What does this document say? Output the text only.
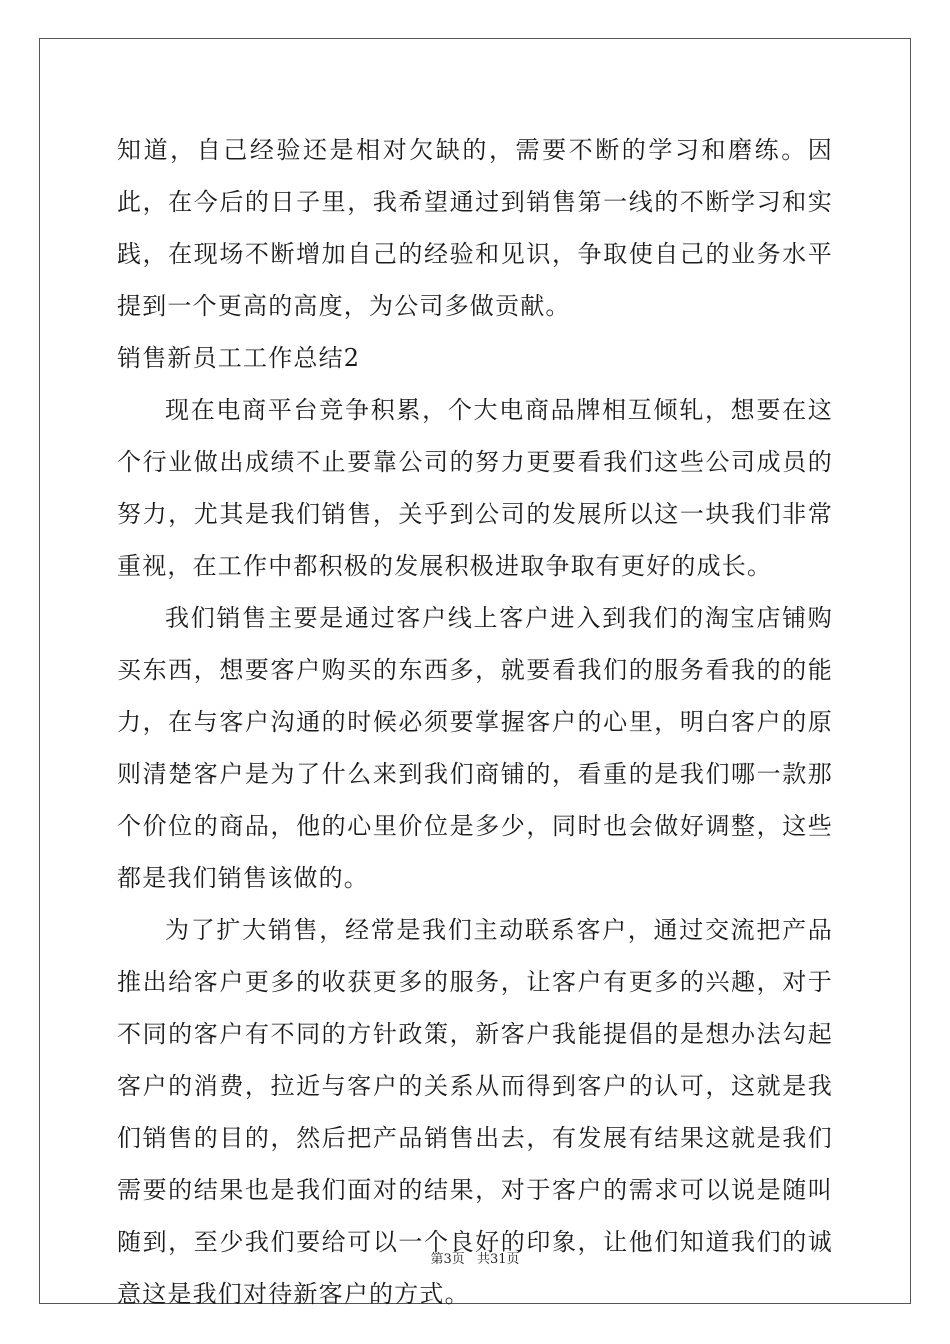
知道，自己经验还是相对欠缺的，需要不断的学习和磨练。因此，在今后的日子里，我希望通过到销售第一线的不断学习和实践，在现场不断增加自己的经验和见识，争取使自己的业务水平提到一个更高的高度，为公司多做贡献。

销售新员工工作总结2

现在电商平台竞争积累，个大电商品牌相互倾轧，想要在这个行业做出成绩不止要靠公司的努力更要看我们这些公司成员的努力，尤其是我们销售，关乎到公司的发展所以这一块我们非常重视，在工作中都积极的发展积极进取争取有更好的成长。

我们销售主要是通过客户线上客户进入到我们的淘宝店铺购买东西，想要客户购买的东西多，就要看我们的服务看我的的能力，在与客户沟通的时候必须要掌握客户的心里，明白客户的原则清楚客户是为了什么来到我们商铺的，看重的是我们哪一款那个价位的商品，他的心里价位是多少，同时也会做好调整，这些都是我们销售该做的。

为了扩大销售，经常是我们主动联系客户，通过交流把产品推出给客户更多的收获更多的服务，让客户有更多的兴趣，对于不同的客户有不同的方针政策，新客户我能提倡的是想办法勾起客户的消费，拉近与客户的关系从而得到客户的认可，这就是我们销售的目的，然后把产品销售出去，有发展有结果这就是我们需要的结果也是我们面对的结果，对于客户的需求可以说是随叫随到，至少我们要给可以一个良好的印象，让他们知道我们的诚意这是我们对待新客户的方式。

第3页 共31页
